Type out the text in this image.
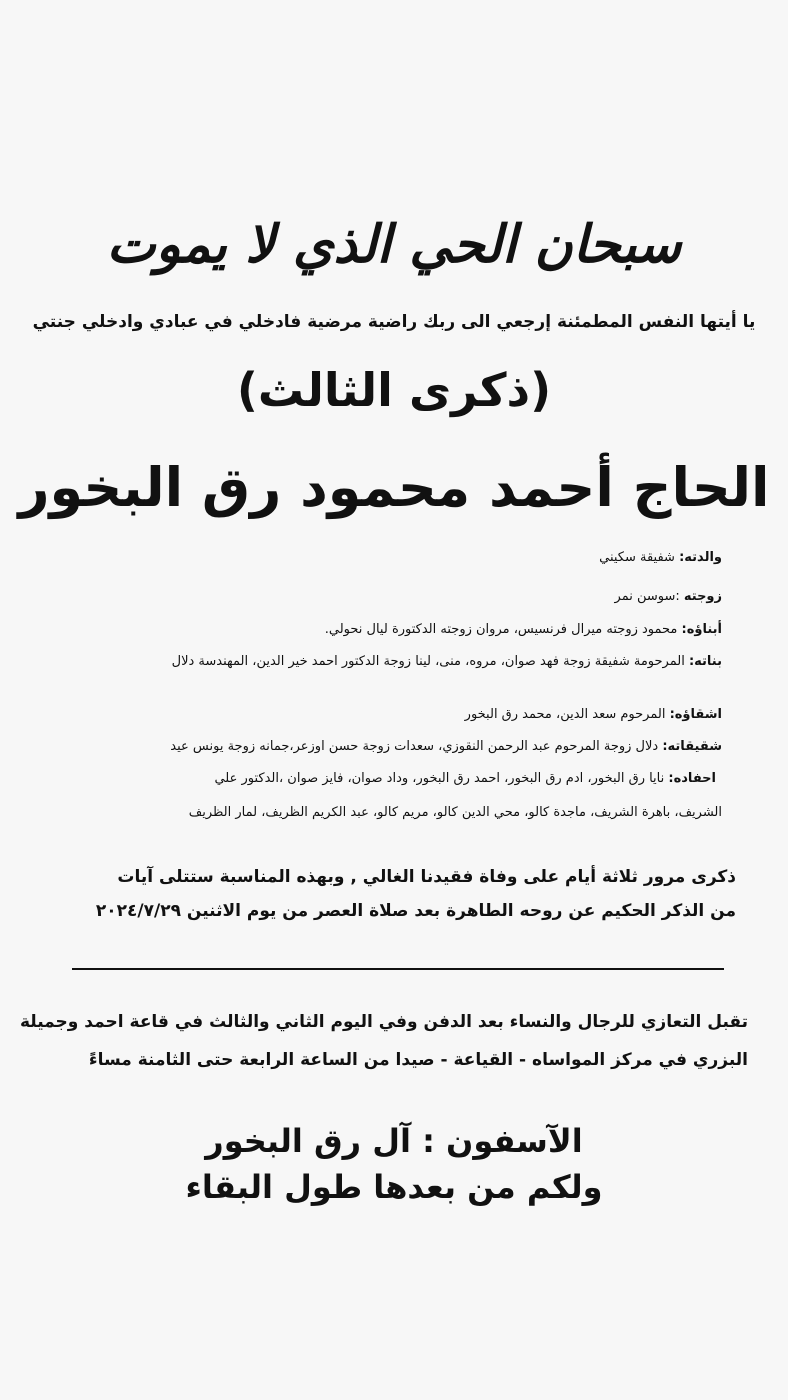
سبحان الحي الذي لا يموت
يا أيتها النفس المطمئنة إرجعي الى ربك راضية مرضية فادخلي في عبادي وادخلي جنتي
(ذكرى الثالث)
الحاج أحمد محمود رق البخور
والدته: شفيقة سكيني
زوجته :سوسن نمر
أبناؤه: محمود زوجته ميرال فرنسيس، مروان زوجته الدكتورة ليال نحولي.
بناته: المرحومة شفيقة زوجة فهد صوان، مروه، منى، لينا زوجة الدكتور احمد خير الدين، المهندسة دلال
اشقاؤه: المرحوم سعد الدين، محمد رق البخور
شقيقاته: دلال زوجة المرحوم عبد الرحمن النقوزي، سعدات زوجة حسن اوزعر،جمانه زوجة يونس عيد
احفاده: نايا رق البخور، ادم رق البخور، احمد رق البخور، وداد صوان، فايز صوان ،الدكتور علي
الشريف، باهرة الشريف، ماجدة كالو، محي الدين كالو، مريم كالو، عبد الكريم الظريف، لمار الظريف
ذكرى مرور ثلاثة أيام على وفاة فقيدنا الغالي , وبهذه المناسبة ستتلى آيات
من الذكر الحكيم عن روحه الطاهرة بعد صلاة العصر من يوم الاثنين ٢٠٢٤/٧/٢٩
تقبل التعازي للرجال والنساء بعد الدفن وفي اليوم الثاني والثالث في قاعة احمد وجميلة
البزري في مركز المواساه - القياعة - صيدا من الساعة الرابعة حتى الثامنة مساءً
الآسفون : آل رق البخور
ولكم من بعدها طول البقاء
